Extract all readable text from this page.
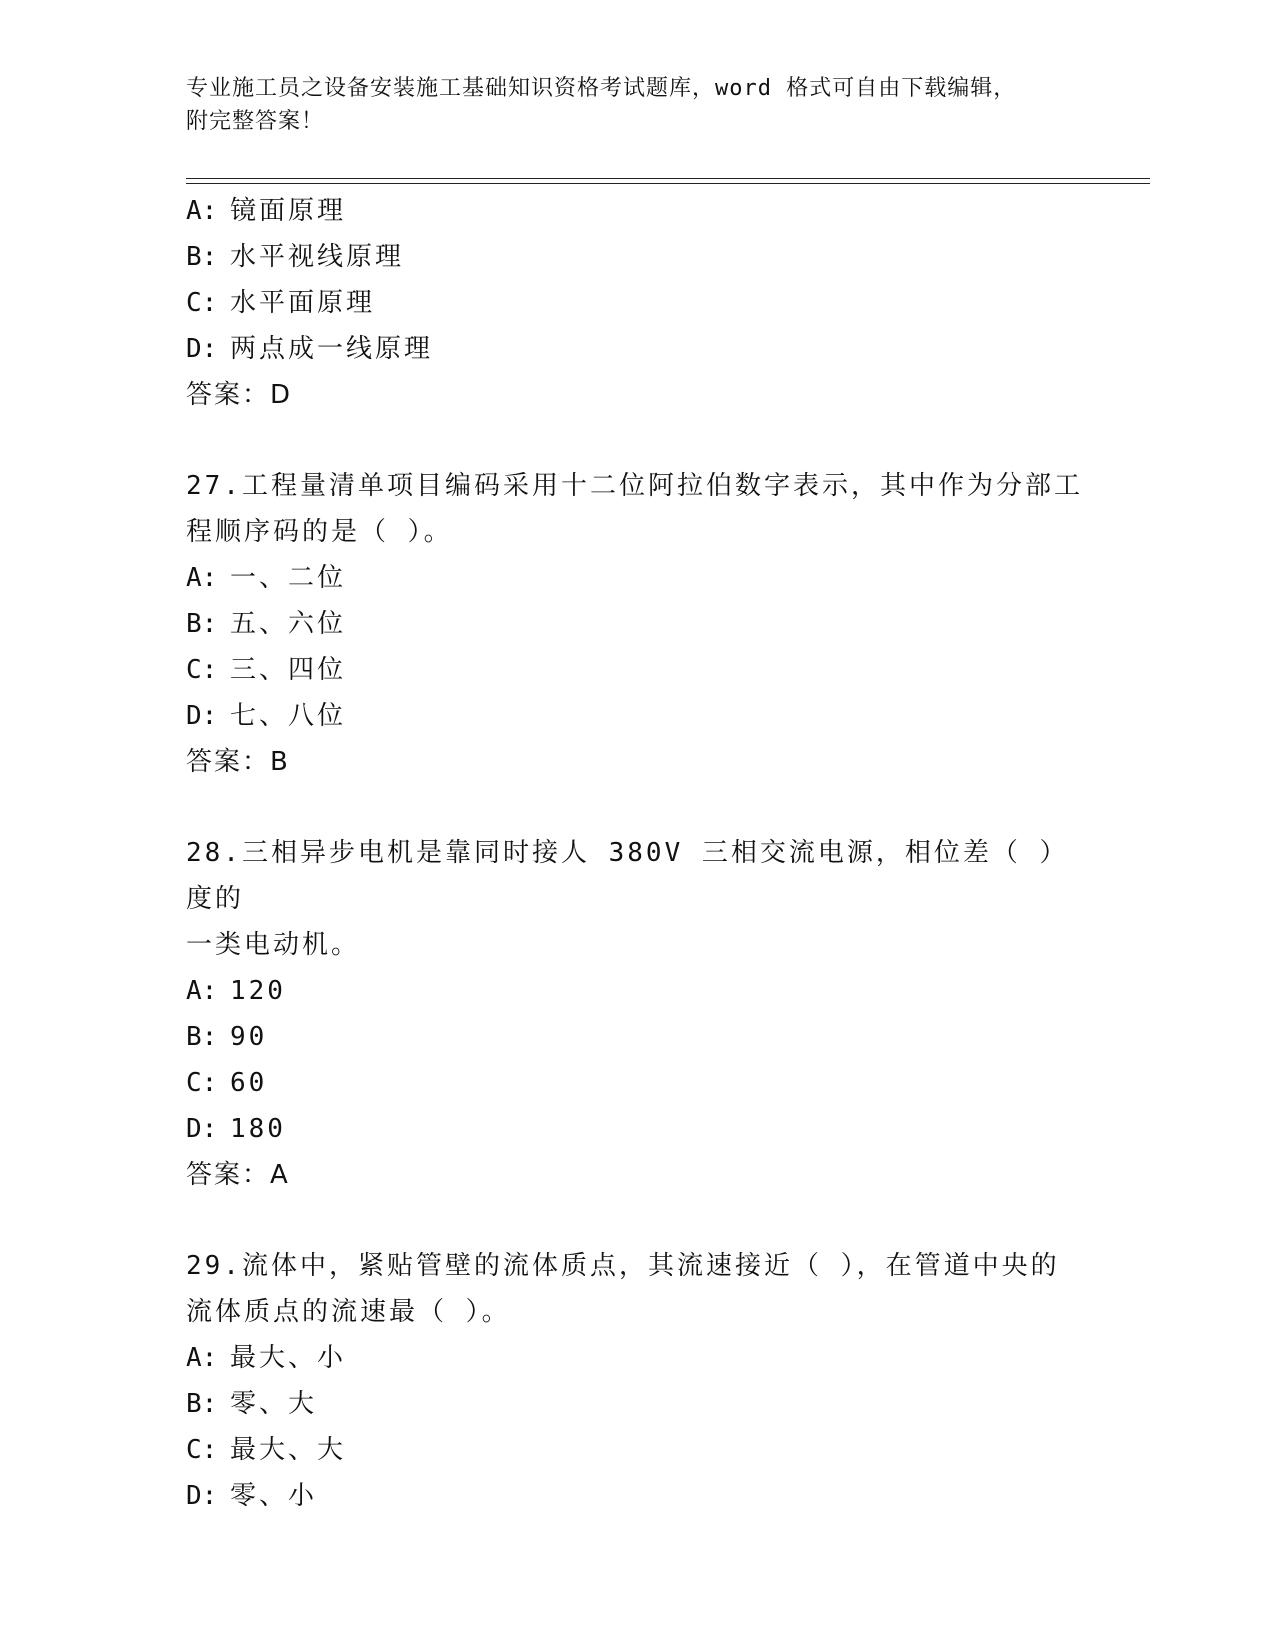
专业施工员之设备安装施工基础知识资格考试题库，word 格式可自由下载编辑，
附完整答案！
A: 镜面原理
B: 水平视线原理
C: 水平面原理
D: 两点成一线原理
答案：D
27.工程量清单项目编码采用十二位阿拉伯数字表示，其中作为分部工
程顺序码的是（ ）。
A: 一、二位
B: 五、六位
C: 三、四位
D: 七、八位
答案：B
28.三相异步电机是靠同时接人 380V 三相交流电源，相位差（ ）度的
一类电动机。
A: 120
B: 90
C: 60
D: 180
答案：A
29.流体中，紧贴管壁的流体质点，其流速接近（ ），在管道中央的
流体质点的流速最（ ）。
A: 最大、小
B: 零、大
C: 最大、大
D: 零、小
